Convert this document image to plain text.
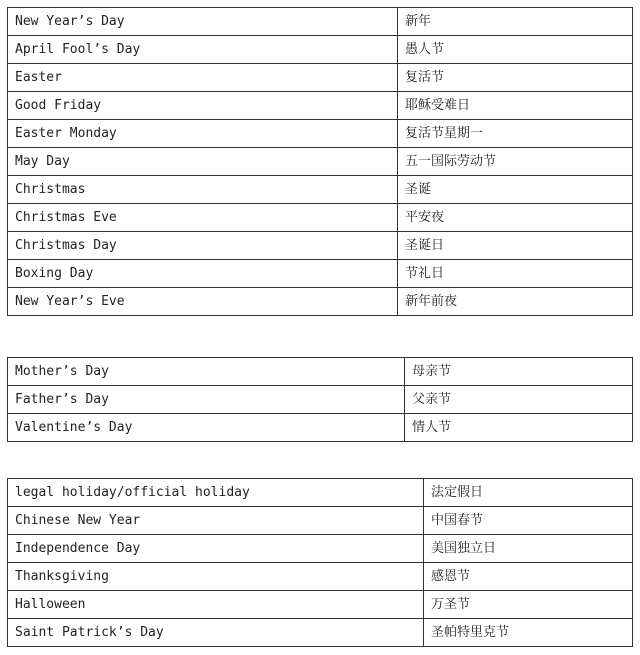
New Year’s Day	新年
April Fool’s Day	愚人节
Easter	复活节
Good Friday	耶稣受难日
Easter Monday	复活节星期一
May Day	五一国际劳动节
Christmas	圣诞
Christmas Eve	平安夜
Christmas Day	圣诞日
Boxing Day	节礼日
New Year’s Eve	新年前夜
Mother’s Day	母亲节
Father’s Day	父亲节
Valentine’s Day	情人节
legal holiday/official holiday	法定假日
Chinese New Year	中国春节
Independence Day	美国独立日
Thanksgiving	感恩节
Halloween	万圣节
Saint Patrick’s Day	圣帕特里克节
